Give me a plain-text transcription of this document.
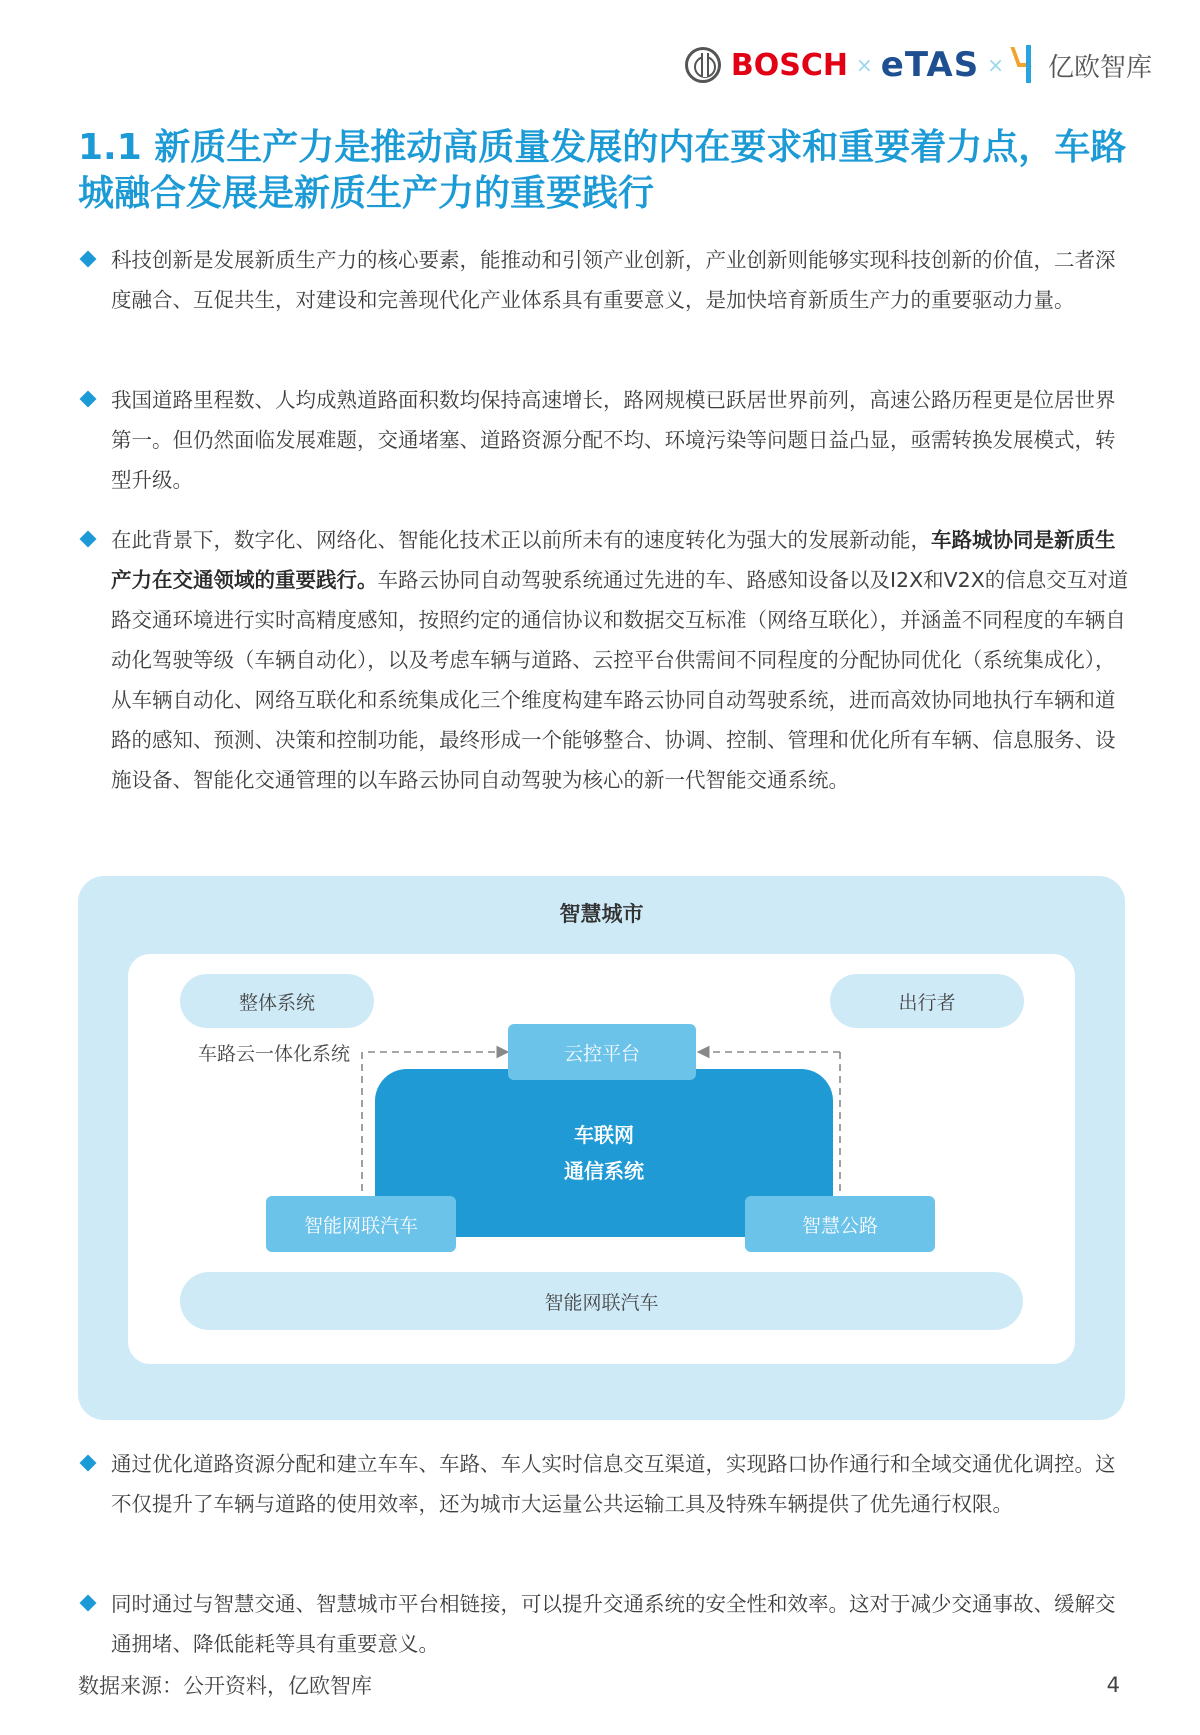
BOSCH × eTAS × 亿欧智库
1.1 新质生产力是推动高质量发展的内在要求和重要着力点，车路城融合发展是新质生产力的重要践行
科技创新是发展新质生产力的核心要素，能推动和引领产业创新，产业创新则能够实现科技创新的价值，二者深度融合、互促共生，对建设和完善现代化产业体系具有重要意义，是加快培育新质生产力的重要驱动力量。
我国道路里程数、人均成熟道路面积数均保持高速增长，路网规模已跃居世界前列，高速公路历程更是位居世界第一。但仍然面临发展难题，交通堵塞、道路资源分配不均、环境污染等问题日益凸显，亟需转换发展模式，转型升级。
在此背景下，数字化、网络化、智能化技术正以前所未有的速度转化为强大的发展新动能，车路城协同是新质生产力在交通领域的重要践行。车路云协同自动驾驶系统通过先进的车、路感知设备以及I2X和V2X的信息交互对道路交通环境进行实时高精度感知，按照约定的通信协议和数据交互标准（网络互联化），并涵盖不同程度的车辆自动化驾驶等级（车辆自动化），以及考虑车辆与道路、云控平台供需间不同程度的分配协同优化（系统集成化），从车辆自动化、网络互联化和系统集成化三个维度构建车路云协同自动驾驶系统，进而高效协同地执行车辆和道路的感知、预测、决策和控制功能，最终形成一个能够整合、协调、控制、管理和优化所有车辆、信息服务、设施设备、智能化交通管理的以车路云协同自动驾驶为核心的新一代智能交通系统。
智慧城市
整体系统	出行者
车路云一体化系统
车联网
通信系统
云控平台
智能网联汽车	智慧公路
智能网联汽车
通过优化道路资源分配和建立车车、车路、车人实时信息交互渠道，实现路口协作通行和全域交通优化调控。这不仅提升了车辆与道路的使用效率，还为城市大运量公共运输工具及特殊车辆提供了优先通行权限。
同时通过与智慧交通、智慧城市平台相链接，可以提升交通系统的安全性和效率。这对于减少交通事故、缓解交通拥堵、降低能耗等具有重要意义。
数据来源：公开资料，亿欧智库	4
